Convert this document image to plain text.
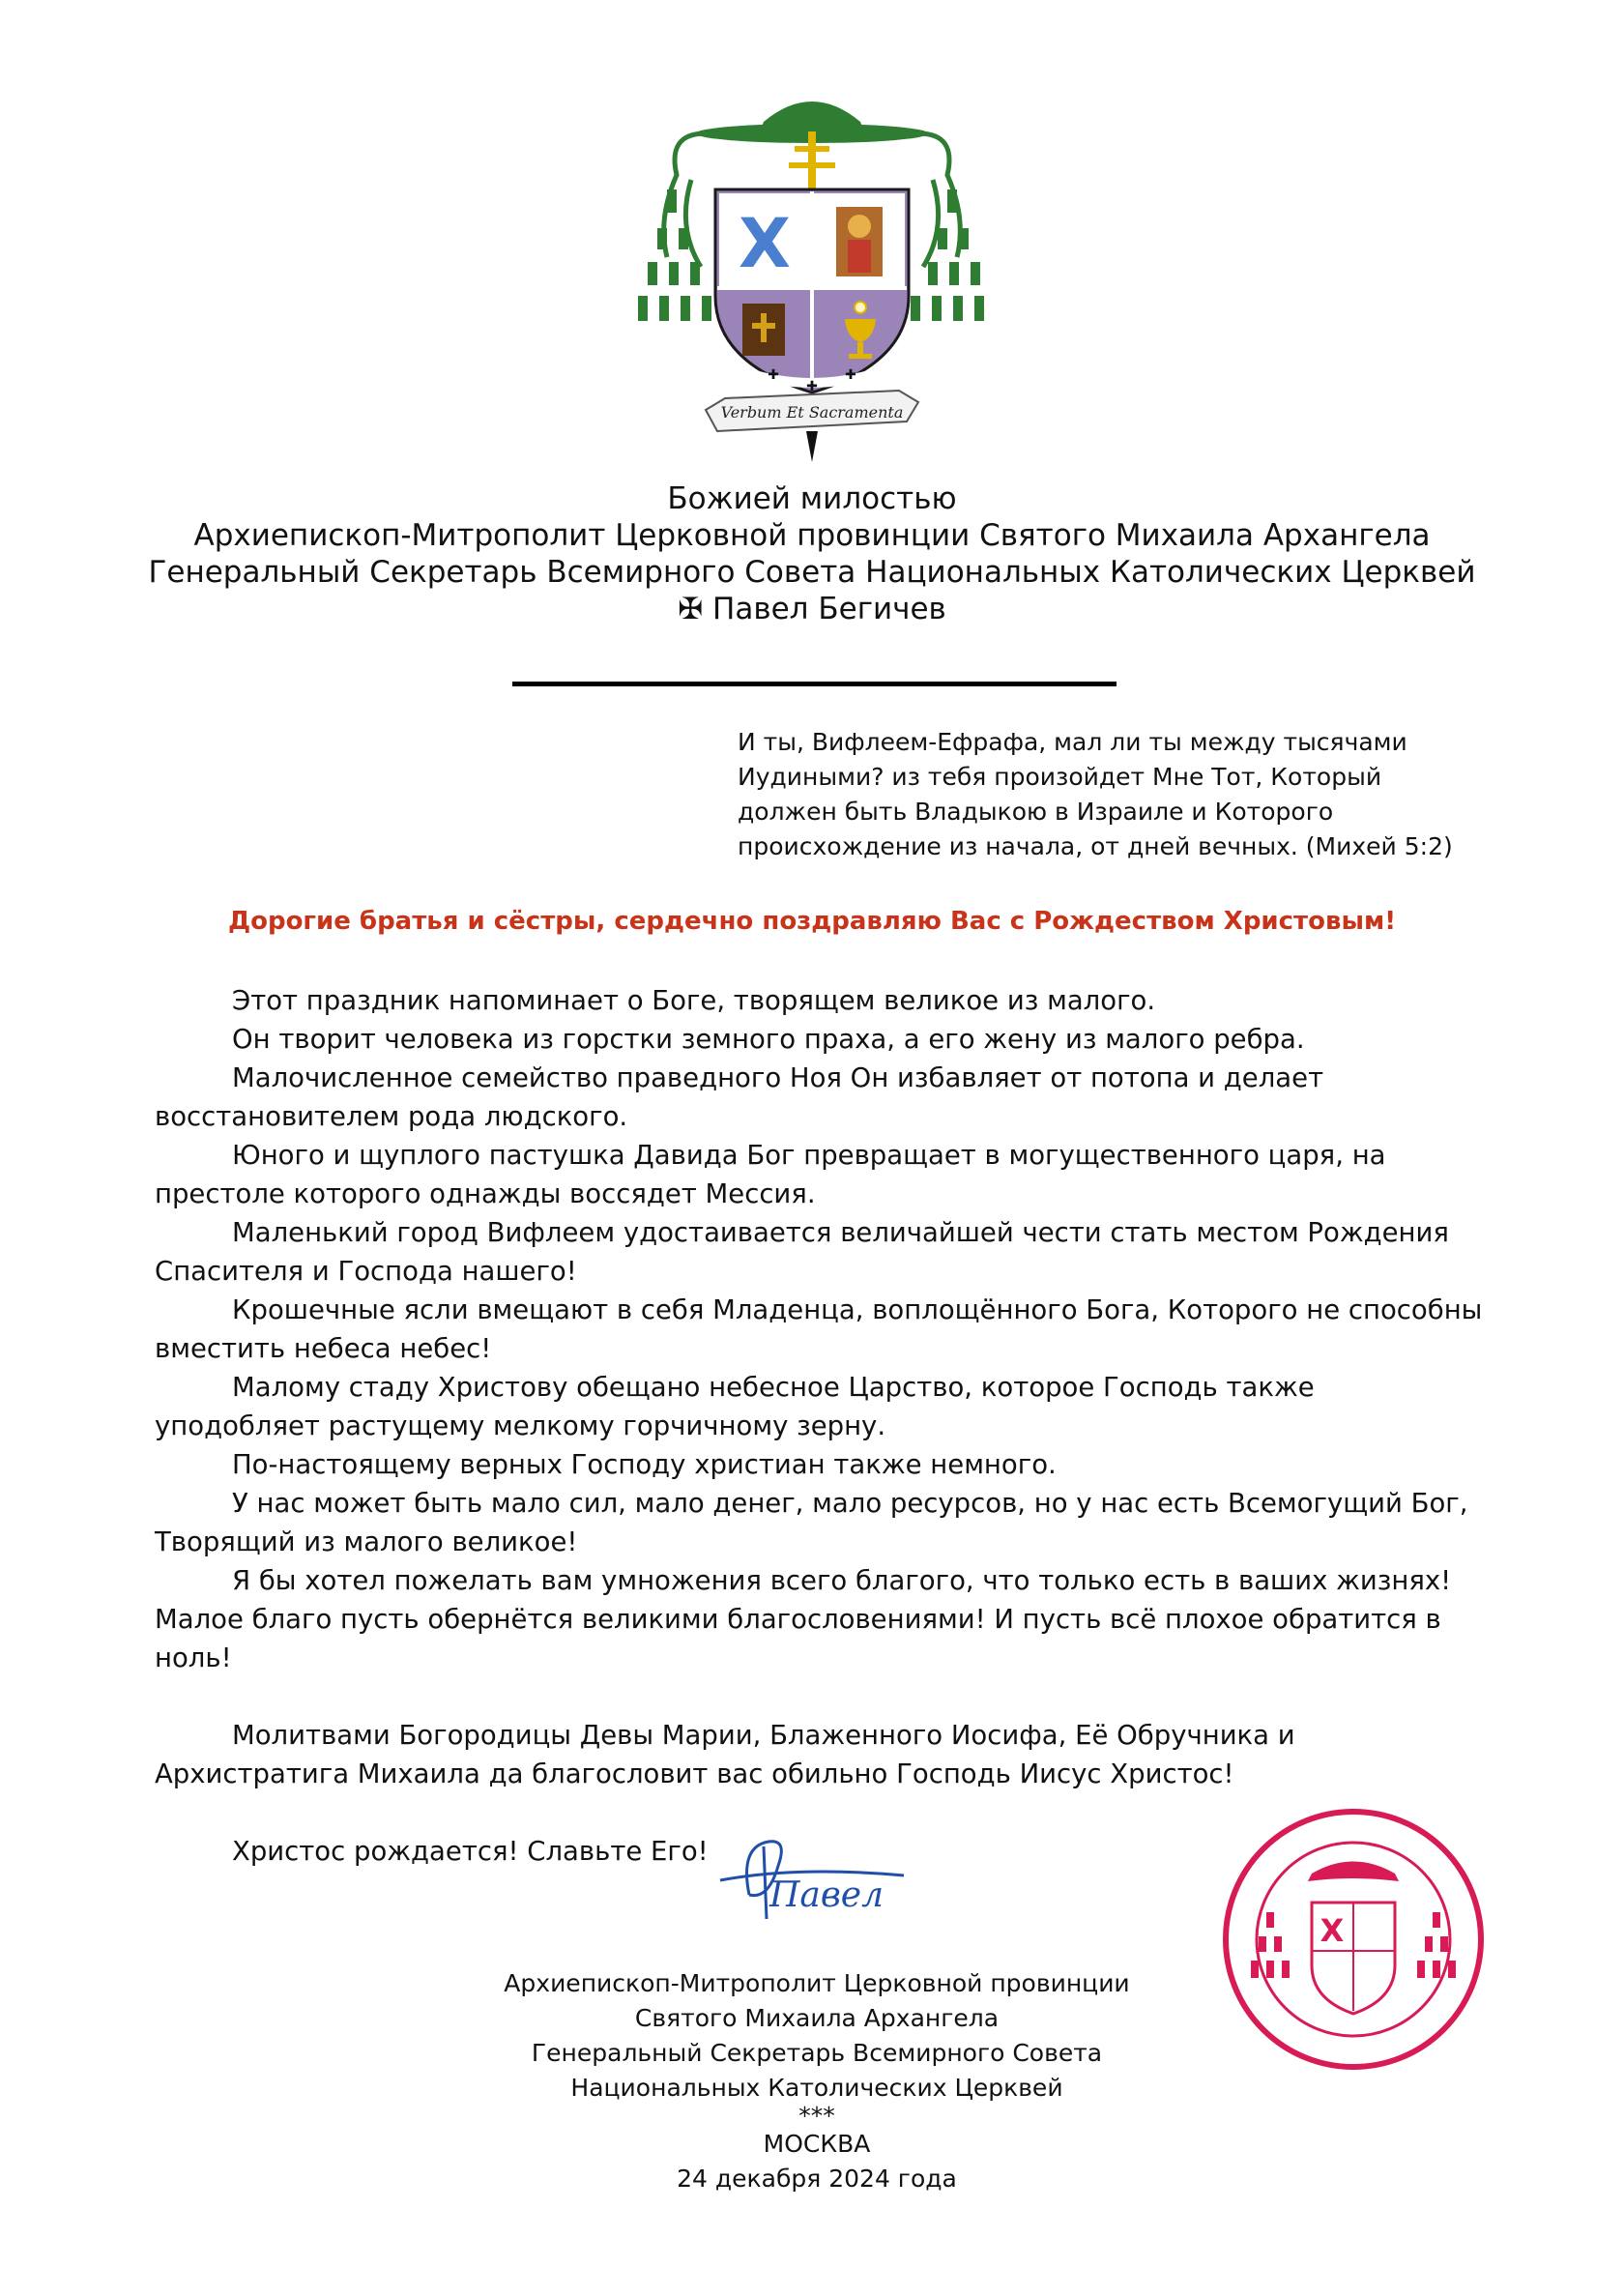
X
✚
✚
✚
Verbum Et Sacramenta
Божией милостью
Архиепископ-Митрополит Церковной провинции Святого Михаила Архангела
Генеральный Секретарь Всемирного Совета Национальных Католических Церквей
✠ Павел Бегичев
И ты, Вифлеем-Ефрафа, мал ли ты между тысячами
Иудиными? из тебя произойдет Мне Тот, Который
должен быть Владыкою в Израиле и Которого
происхождение из начала, от дней вечных. (Михей 5:2)
Дорогие братья и сёстры, сердечно поздравляю Вас с Рождеством Христовым!
Этот праздник напоминает о Боге, творящем великое из малого.
Он творит человека из горстки земного праха, а его жену из малого ребра.
Малочисленное семейство праведного Ноя Он избавляет от потопа и делает
восстановителем рода людского.
Юного и щуплого пастушка Давида Бог превращает в могущественного царя, на
престоле которого однажды воссядет Мессия.
Маленький город Вифлеем удостаивается величайшей чести стать местом Рождения
Спасителя и Господа нашего!
Крошечные ясли вмещают в себя Младенца, воплощённого Бога, Которого не способны
вместить небеса небес!
Малому стаду Христову обещано небесное Царство, которое Господь также
уподобляет растущему мелкому горчичному зерну.
По-настоящему верных Господу христиан также немного.
У нас может быть мало сил, мало денег, мало ресурсов, но у нас есть Всемогущий Бог,
Творящий из малого великое!
Я бы хотел пожелать вам умножения всего благого, что только есть в ваших жизнях!
Малое благо пусть обернётся великими благословениями! И пусть всё плохое обратится в
ноль!
Молитвами Богородицы Девы Марии, Блаженного Иосифа, Её Обручника и
Архистратига Михаила да благословит вас обильно Господь Иисус Христос!
Христос рождается! Славьте Его!
Павел
X
Архиепископ-Митрополит Церковной провинции
Святого Михаила Архангела
Генеральный Секретарь Всемирного Совета
Национальных Католических Церквей
***
МОСКВА
24 декабря 2024 года
